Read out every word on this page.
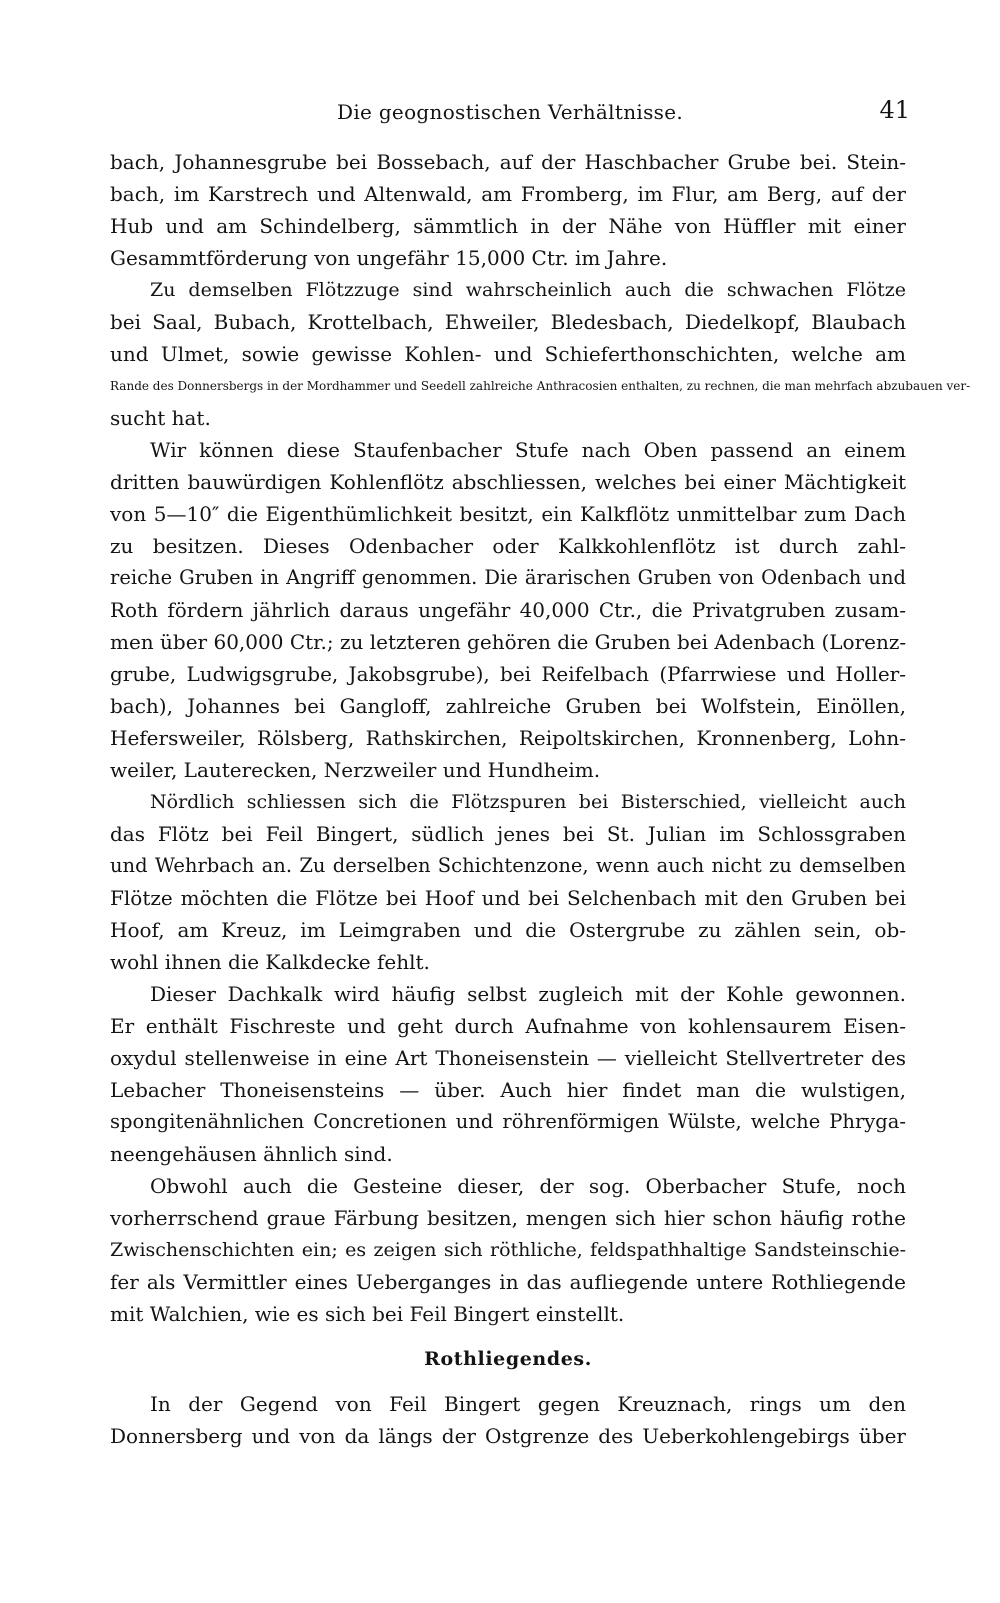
Die geognostischen Verhältnisse.	41
bach, Johannesgrube bei Bossebach, auf der Haschbacher Grube bei. Stein-
bach, im Karstrech und Altenwald, am Fromberg, im Flur, am Berg, auf der
Hub und am Schindelberg, sämmtlich in der Nähe von Hüffler mit einer
Gesammtförderung von ungefähr 15,000 Ctr. im Jahre.
Zu demselben Flötzzuge sind wahrscheinlich auch die schwachen Flötze
bei Saal, Bubach, Krottelbach, Ehweiler, Bledesbach, Diedelkopf, Blaubach
und Ulmet, sowie gewisse Kohlen- und Schieferthonschichten, welche am
Rande des Donnersbergs in der Mordhammer und Seedell zahlreiche Anthracosien enthalten, zu rechnen, die man mehrfach abzubauen ver-
sucht hat.
Wir können diese Staufenbacher Stufe nach Oben passend an einem
dritten bauwürdigen Kohlenflötz abschliessen, welches bei einer Mächtigkeit
von 5—10″ die Eigenthümlichkeit besitzt, ein Kalkflötz unmittelbar zum Dach
zu besitzen. Dieses Odenbacher oder Kalkkohlenflötz ist durch zahl-
reiche Gruben in Angriff genommen. Die ärarischen Gruben von Odenbach und
Roth fördern jährlich daraus ungefähr 40,000 Ctr., die Privatgruben zusam-
men über 60,000 Ctr.; zu letzteren gehören die Gruben bei Adenbach (Lorenz-
grube, Ludwigsgrube, Jakobsgrube), bei Reifelbach (Pfarrwiese und Holler-
bach), Johannes bei Gangloff, zahlreiche Gruben bei Wolfstein, Einöllen,
Hefersweiler, Rölsberg, Rathskirchen, Reipoltskirchen, Kronnenberg, Lohn-
weiler, Lauterecken, Nerzweiler und Hundheim.
Nördlich schliessen sich die Flötzspuren bei Bisterschied, vielleicht auch
das Flötz bei Feil Bingert, südlich jenes bei St. Julian im Schlossgraben
und Wehrbach an. Zu derselben Schichtenzone, wenn auch nicht zu demselben
Flötze möchten die Flötze bei Hoof und bei Selchenbach mit den Gruben bei
Hoof, am Kreuz, im Leimgraben und die Ostergrube zu zählen sein, ob-
wohl ihnen die Kalkdecke fehlt.
Dieser Dachkalk wird häufig selbst zugleich mit der Kohle gewonnen.
Er enthält Fischreste und geht durch Aufnahme von kohlensaurem Eisen-
oxydul stellenweise in eine Art Thoneisenstein — vielleicht Stellvertreter des
Lebacher Thoneisensteins — über. Auch hier findet man die wulstigen,
spongitenähnlichen Concretionen und röhrenförmigen Wülste, welche Phryga-
neengehäusen ähnlich sind.
Obwohl auch die Gesteine dieser, der sog. Oberbacher Stufe, noch
vorherrschend graue Färbung besitzen, mengen sich hier schon häufig rothe
Zwischenschichten ein; es zeigen sich röthliche, feldspathhaltige Sandsteinschie-
fer als Vermittler eines Ueberganges in das aufliegende untere Rothliegende
mit Walchien, wie es sich bei Feil Bingert einstellt.
Rothliegendes.
In der Gegend von Feil Bingert gegen Kreuznach, rings um den
Donnersberg und von da längs der Ostgrenze des Ueberkohlengebirgs über
